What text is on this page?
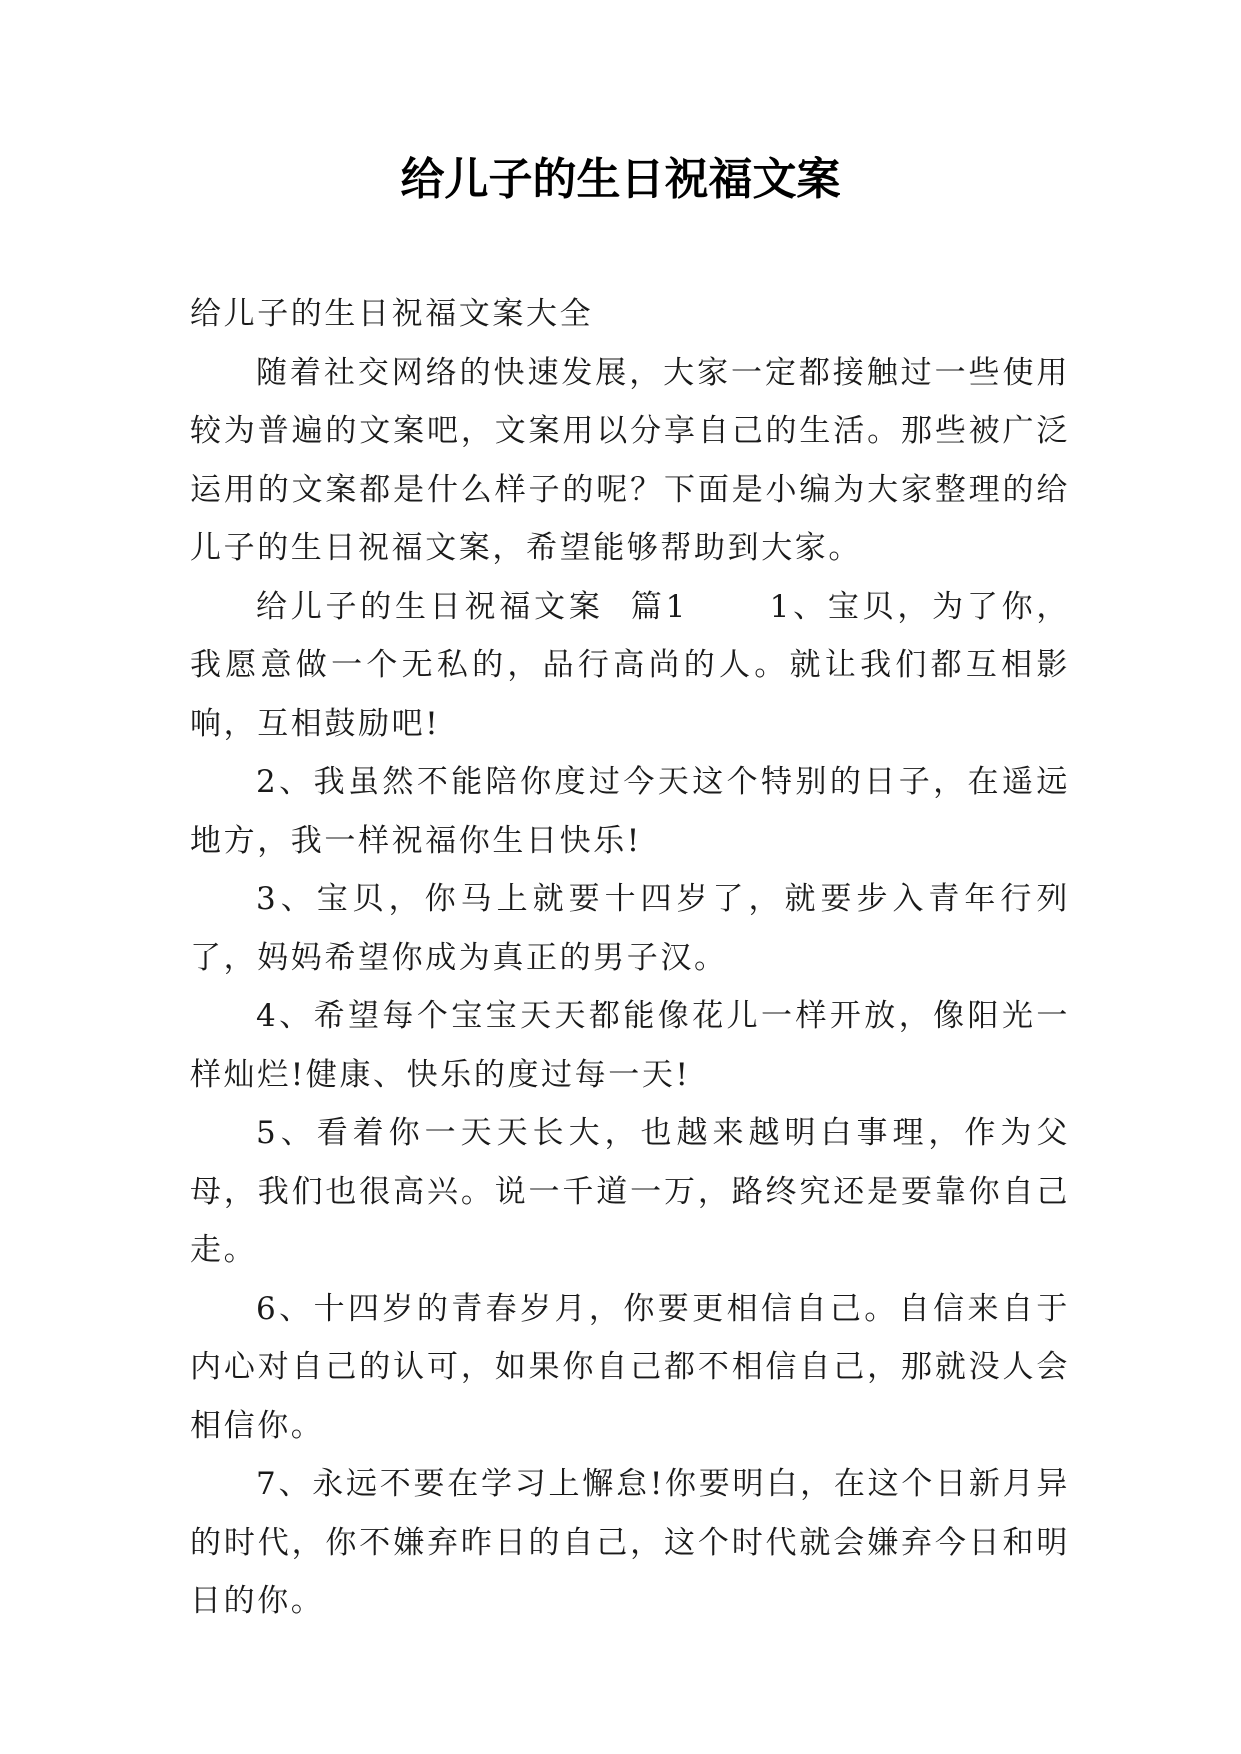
给儿子的生日祝福文案

给儿子的生日祝福文案大全

随着社交网络的快速发展，大家一定都接触过一些使用较为普遍的文案吧，文案用以分享自己的生活。那些被广泛运用的文案都是什么样子的呢？下面是小编为大家整理的给儿子的生日祝福文案，希望能够帮助到大家。

给儿子的生日祝福文案  篇1      1、宝贝，为了你，我愿意做一个无私的，品行高尚的人。就让我们都互相影响，互相鼓励吧!

2、我虽然不能陪你度过今天这个特别的日子，在遥远地方，我一样祝福你生日快乐!

3、宝贝，你马上就要十四岁了，就要步入青年行列了，妈妈希望你成为真正的男子汉。

4、希望每个宝宝天天都能像花儿一样开放，像阳光一样灿烂!健康、快乐的度过每一天!

5、看着你一天天长大，也越来越明白事理，作为父母，我们也很高兴。说一千道一万，路终究还是要靠你自己走。

6、十四岁的青春岁月，你要更相信自己。自信来自于内心对自己的认可，如果你自己都不相信自己，那就没人会相信你。

7、永远不要在学习上懈怠!你要明白，在这个日新月异的时代，你不嫌弃昨日的自己，这个时代就会嫌弃今日和明日的你。
